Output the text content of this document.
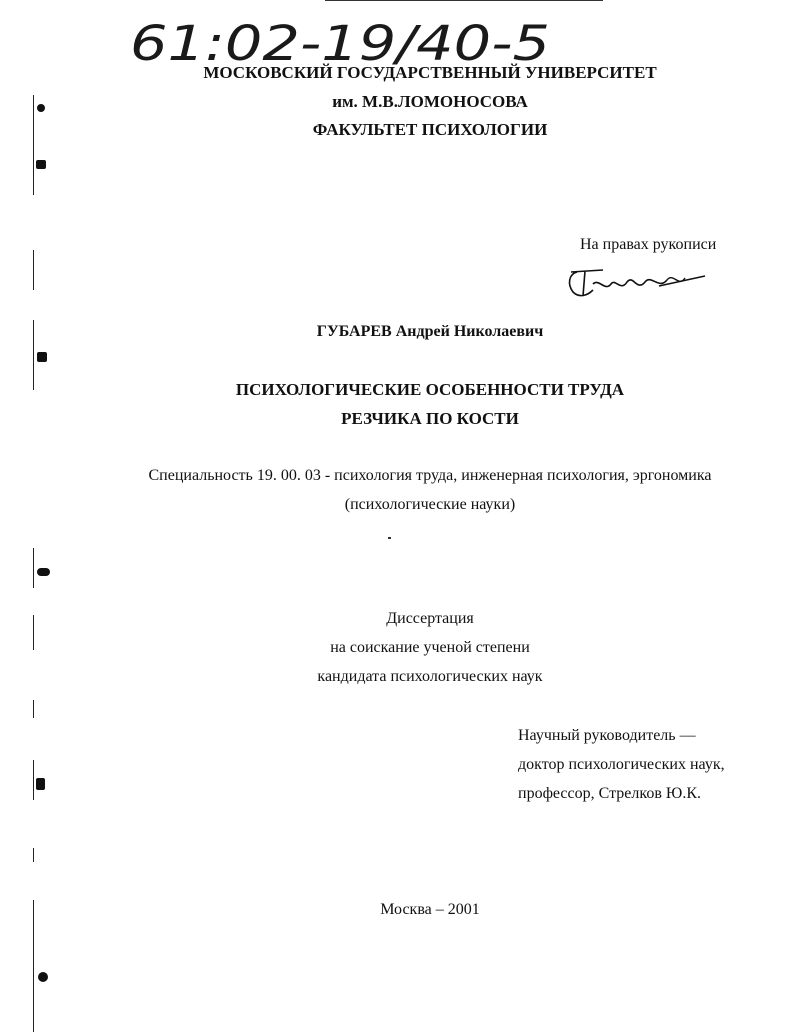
61:02-19/40-5
МОСКОВСКИЙ ГОСУДАРСТВЕННЫЙ УНИВЕРСИТЕТ
им. М.В.ЛОМОНОСОВА
ФАКУЛЬТЕТ ПСИХОЛОГИИ
На правах рукописи
ГУБАРЕВ Андрей Николаевич
ПСИХОЛОГИЧЕСКИЕ ОСОБЕННОСТИ ТРУДА
РЕЗЧИКА ПО КОСТИ
Специальность 19. 00. 03 - психология труда, инженерная психология, эргономика
(психологические науки)
Диссертация
на соискание ученой степени
кандидата психологических наук
Научный руководитель —
доктор психологических наук,
профессор, Стрелков Ю.К.
Москва – 2001
